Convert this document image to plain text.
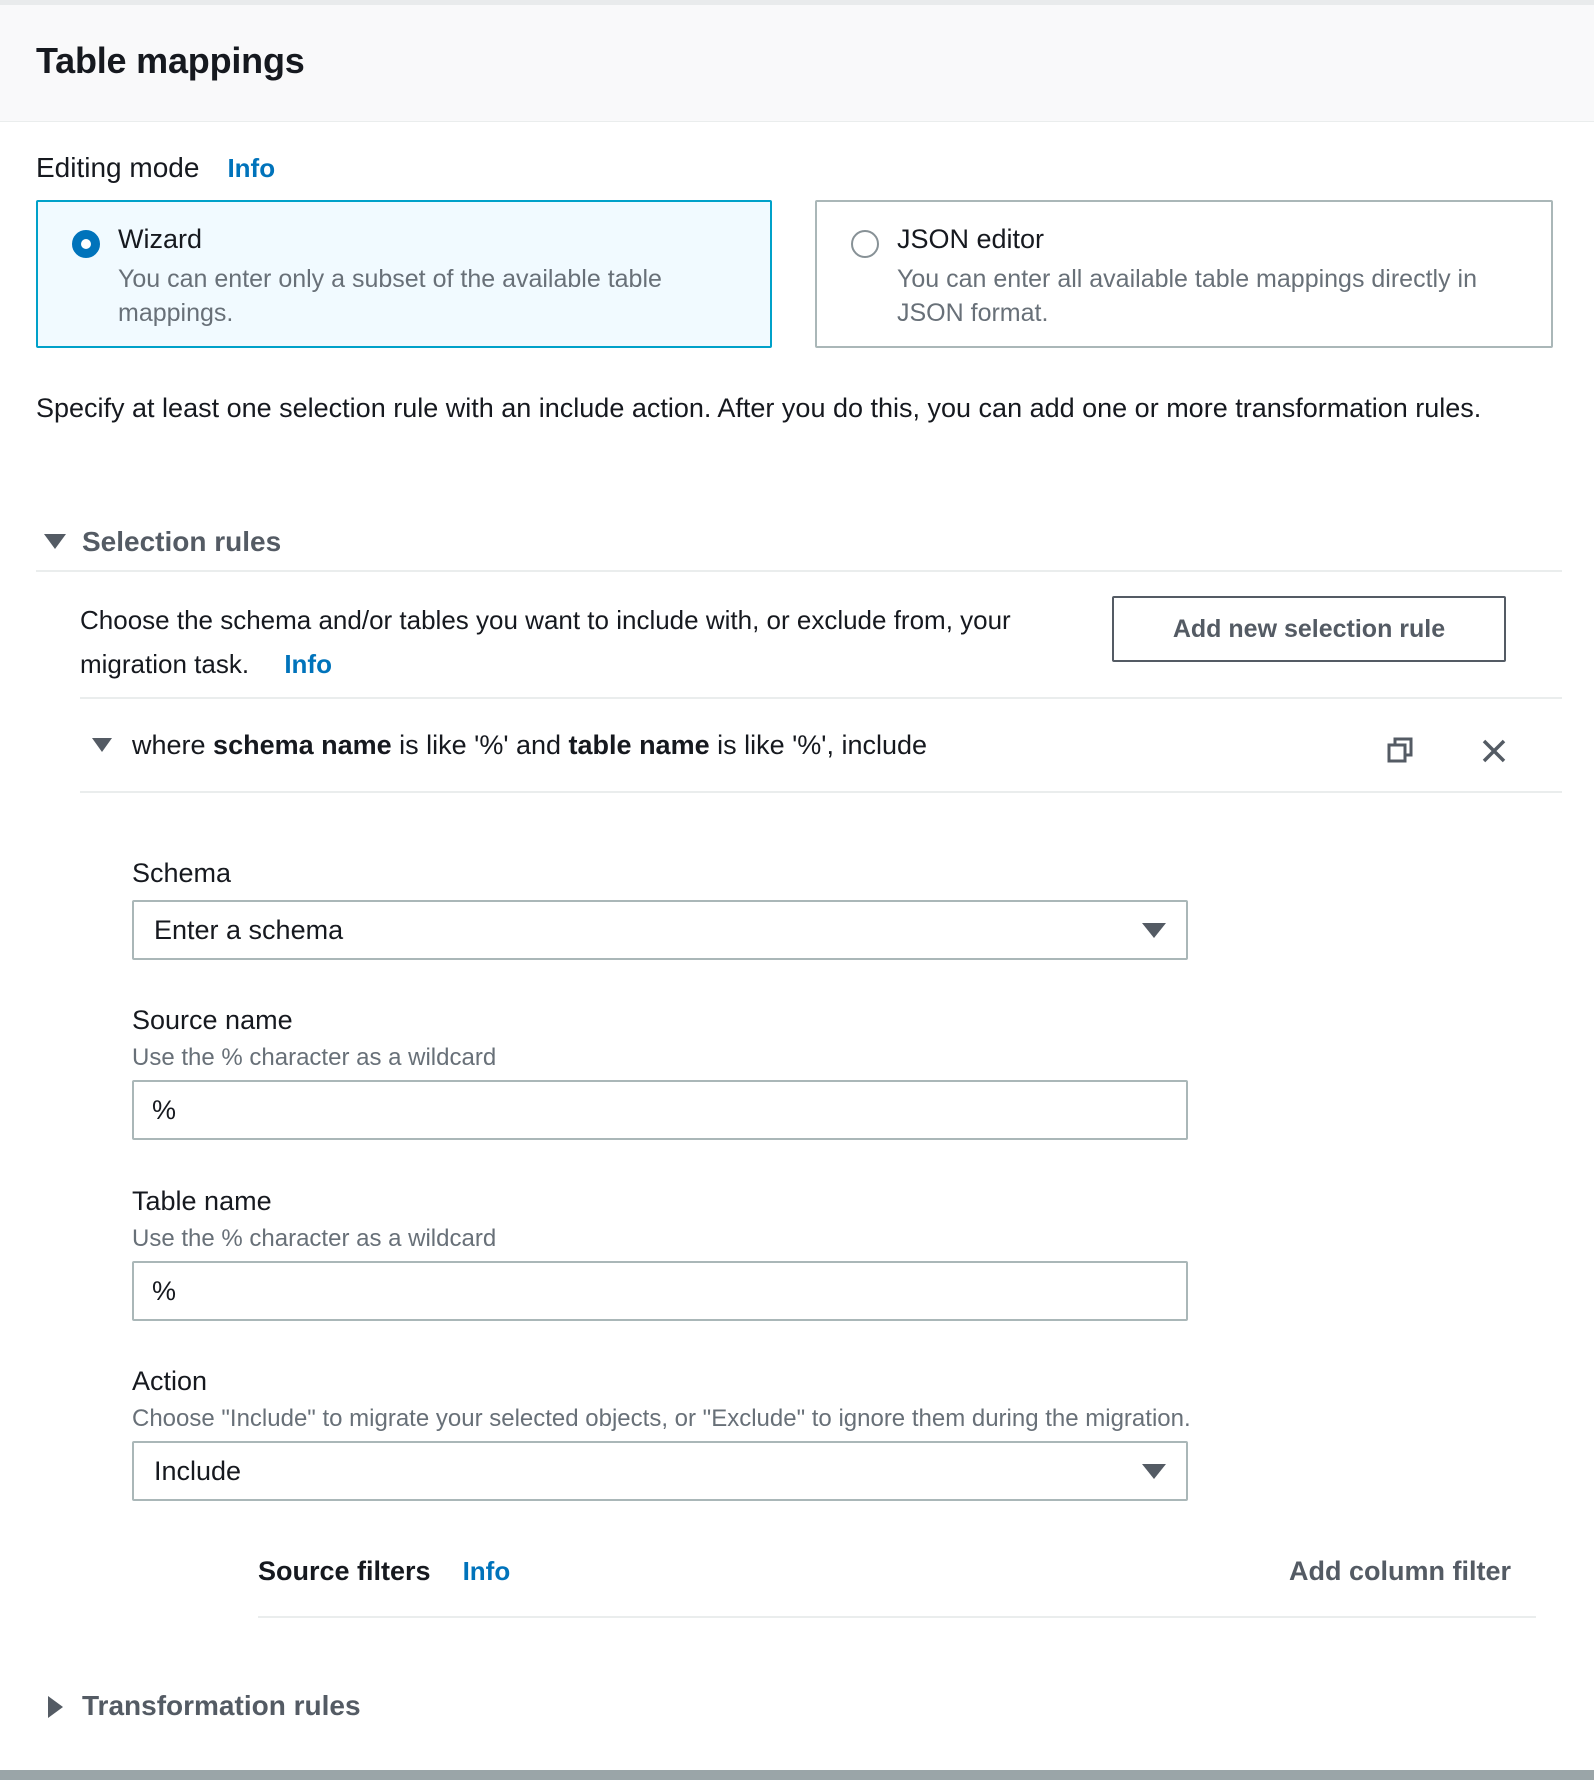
Table mappings
Editing mode Info
Wizard
You can enter only a subset of the available table mappings.
JSON editor
You can enter all available table mappings directly in JSON format.
Specify at least one selection rule with an include action. After you do this, you can add one or more transformation rules.
Selection rules
Choose the schema and/or tables you want to include with, or exclude from, your migration task. Info
Add new selection rule
where schema name is like '%' and table name is like '%', include
Schema
Enter a schema
Source name
Use the % character as a wildcard
%
Table name
Use the % character as a wildcard
%
Action
Choose "Include" to migrate your selected objects, or "Exclude" to ignore them during the migration.
Include
Source filters Info	Add column filter
Transformation rules
